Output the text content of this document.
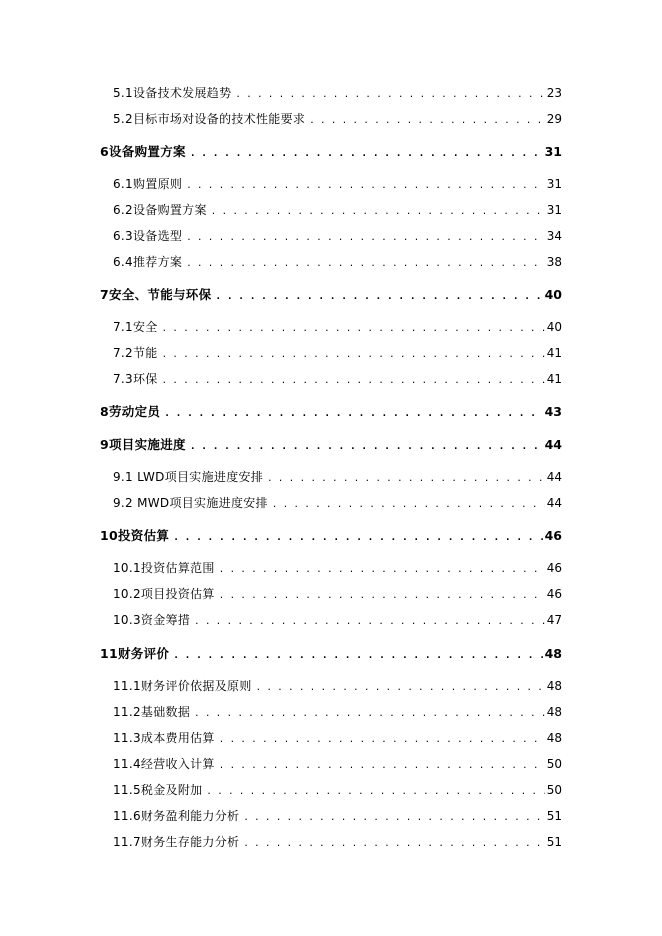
5.1设备技术发展趋势 . . .	23
5.2目标市场对设备的技术性能要求 . . .	29
6设备购置方案 . . .	31
6.1购置原则 . . .	31
6.2设备购置方案 . . .	31
6.3设备选型 . . .	34
6.4推荐方案 . . .	38
7安全、节能与环保 . . .	40
7.1安全 . . .	40
7.2节能 . . .	41
7.3环保 . . .	41
8劳动定员 . . .	43
9项目实施进度 . . .	44
9.1 LWD项目实施进度安排 . . .	44
9.2 MWD项目实施进度安排 . . .	44
10投资估算 . . .	46
10.1投资估算范围 . . .	46
10.2项目投资估算 . . .	46
10.3资金筹措 . . .	47
11财务评价 . . .	48
11.1财务评价依据及原则 . . .	48
11.2基础数据 . . .	48
11.3成本费用估算 . . .	48
11.4经营收入计算 . . .	50
11.5税金及附加 . . .	50
11.6财务盈利能力分析 . . .	51
11.7财务生存能力分析 . . .	51
